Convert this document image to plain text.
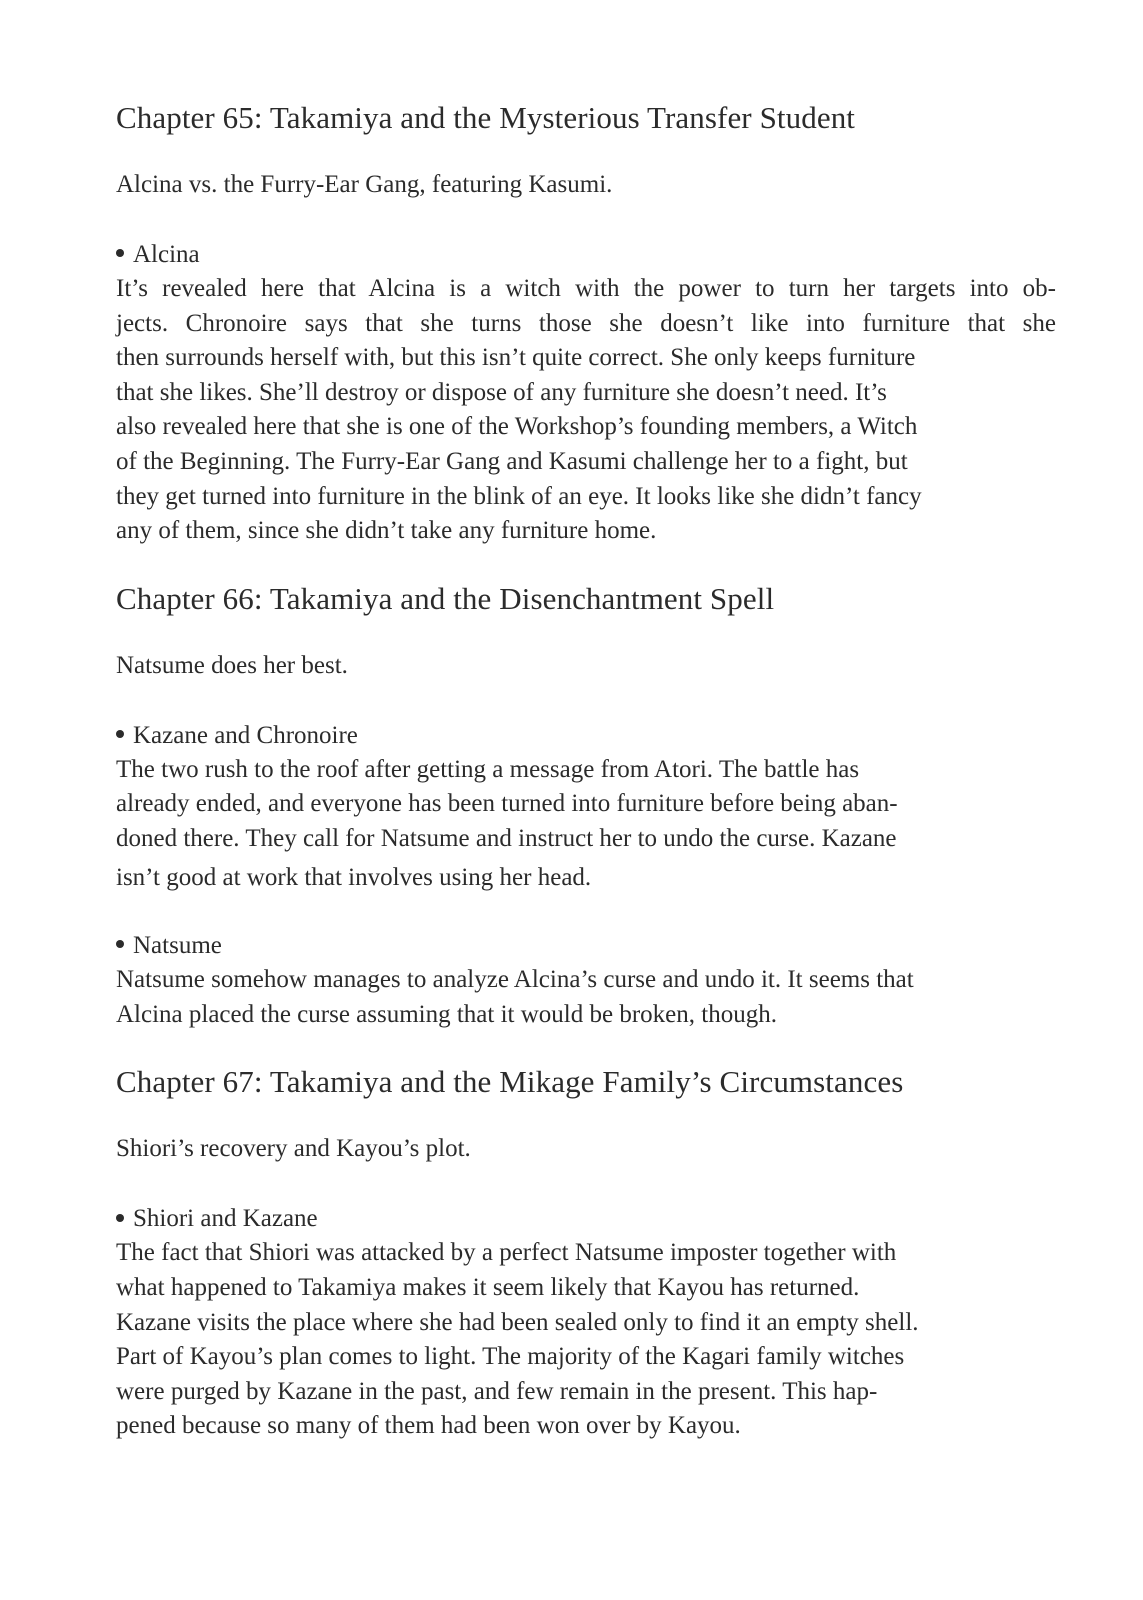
Chapter 65: Takamiya and the Mysterious Transfer Student

Alcina vs. the Furry-Ear Gang, featuring Kasumi.

Alcina

It’s revealed here that Alcina is a witch with the power to turn her targets into ob-
jects. Chronoire says that she turns those she doesn’t like into furniture that she
then surrounds herself with, but this isn’t quite correct. She only keeps furniture
that she likes. She’ll destroy or dispose of any furniture she doesn’t need. It’s
also revealed here that she is one of the Workshop’s founding members, a Witch
of the Beginning. The Furry-Ear Gang and Kasumi challenge her to a fight, but
they get turned into furniture in the blink of an eye. It looks like she didn’t fancy
any of them, since she didn’t take any furniture home.

Chapter 66: Takamiya and the Disenchantment Spell

Natsume does her best.

Kazane and Chronoire

The two rush to the roof after getting a message from Atori. The battle has
already ended, and everyone has been turned into furniture before being aban-
doned there. They call for Natsume and instruct her to undo the curse. Kazane
isn’t good at work that involves using her head.

Natsume

Natsume somehow manages to analyze Alcina’s curse and undo it. It seems that
Alcina placed the curse assuming that it would be broken, though.

Chapter 67: Takamiya and the Mikage Family’s Circumstances

Shiori’s recovery and Kayou’s plot.

Shiori and Kazane

The fact that Shiori was attacked by a perfect Natsume imposter together with
what happened to Takamiya makes it seem likely that Kayou has returned.
Kazane visits the place where she had been sealed only to find it an empty shell.
Part of Kayou’s plan comes to light. The majority of the Kagari family witches
were purged by Kazane in the past, and few remain in the present. This hap-
pened because so many of them had been won over by Kayou.
